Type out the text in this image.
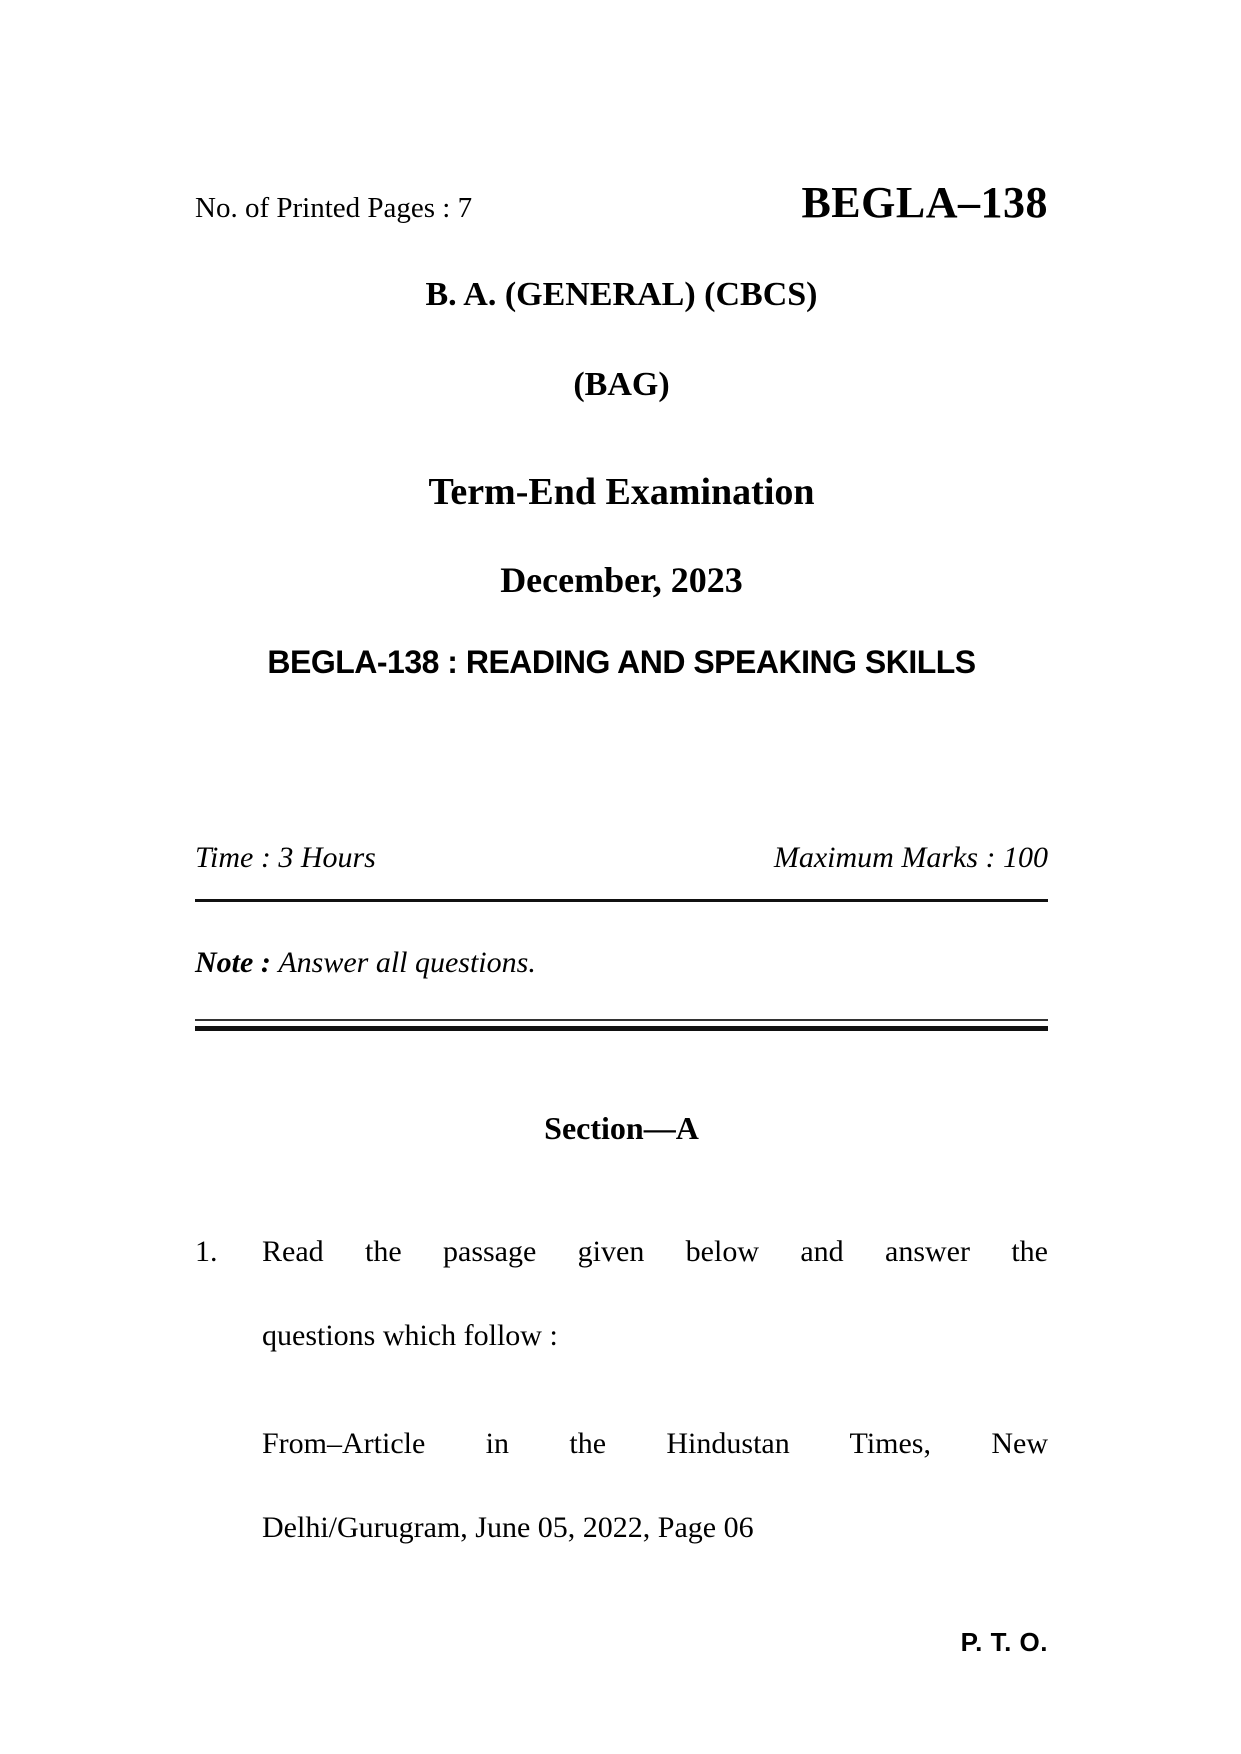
No. of Printed Pages : 7	BEGLA–138
B. A. (GENERAL) (CBCS)
(BAG)
Term-End Examination
December, 2023
BEGLA-138 : READING AND SPEAKING SKILLS
Time : 3 Hours	Maximum Marks : 100
Note : Answer all questions.
Section—A
1. Read the passage given below and answer the
questions which follow :
From–Article in the Hindustan Times, New
Delhi/Gurugram, June 05, 2022, Page 06
P. T. O.
